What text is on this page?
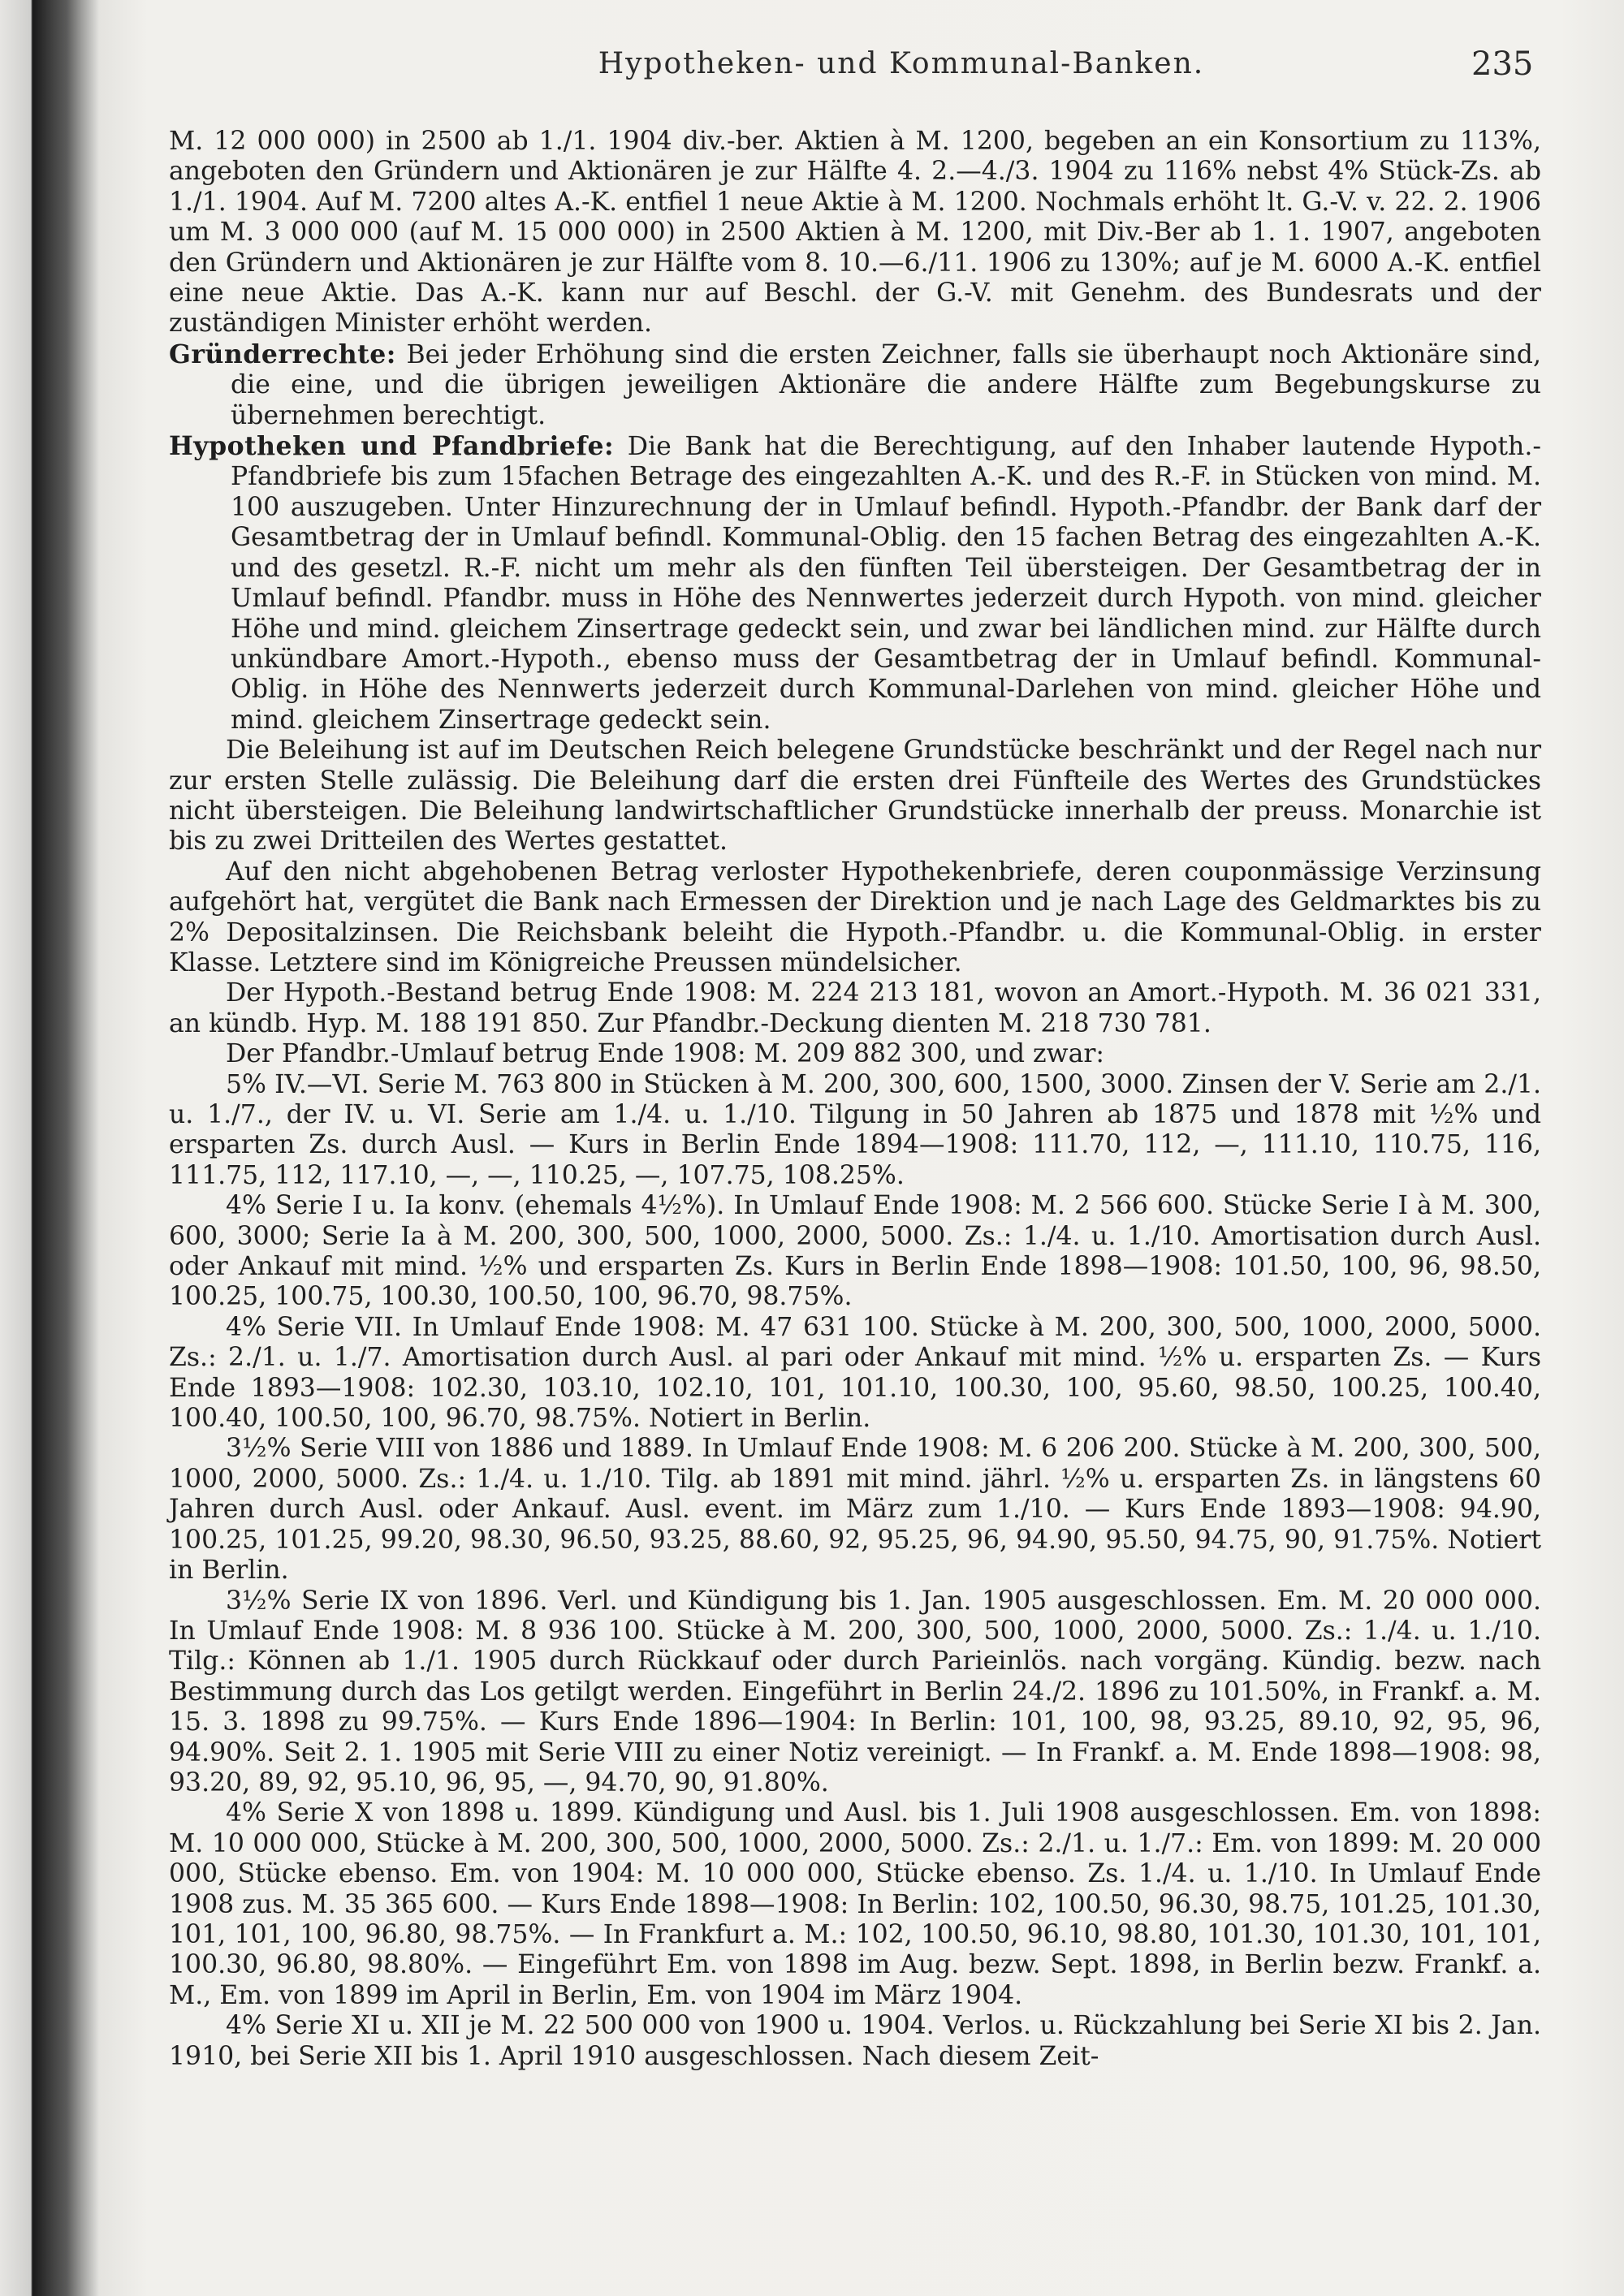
Hypotheken- und Kommunal-Banken.	235

M. 12 000 000) in 2500 ab 1./1. 1904 div.-ber. Aktien à M. 1200, begeben an ein Konsortium zu 113%, angeboten den Gründern und Aktionären je zur Hälfte 4. 2.—4./3. 1904 zu 116% nebst 4% Stück-Zs. ab 1./1. 1904. Auf M. 7200 altes A.-K. entfiel 1 neue Aktie à M. 1200. Nochmals erhöht lt. G.-V. v. 22. 2. 1906 um M. 3 000 000 (auf M. 15 000 000) in 2500 Aktien à M. 1200, mit Div.-Ber ab 1. 1. 1907, angeboten den Gründern und Aktionären je zur Hälfte vom 8. 10.—6./11. 1906 zu 130%; auf je M. 6000 A.-K. entfiel eine neue Aktie. Das A.-K. kann nur auf Beschl. der G.-V. mit Genehm. des Bundesrats und der zuständigen Minister erhöht werden.

Gründerrechte: Bei jeder Erhöhung sind die ersten Zeichner, falls sie überhaupt noch Aktionäre sind, die eine, und die übrigen jeweiligen Aktionäre die andere Hälfte zum Begebungskurse zu übernehmen berechtigt.

Hypotheken und Pfandbriefe: Die Bank hat die Berechtigung, auf den Inhaber lautende Hypoth.-Pfandbriefe bis zum 15fachen Betrage des eingezahlten A.-K. und des R.-F. in Stücken von mind. M. 100 auszugeben. Unter Hinzurechnung der in Umlauf befindl. Hypoth.-Pfandbr. der Bank darf der Gesamtbetrag der in Umlauf befindl. Kommunal-Oblig. den 15 fachen Betrag des eingezahlten A.-K. und des gesetzl. R.-F. nicht um mehr als den fünften Teil übersteigen. Der Gesamtbetrag der in Umlauf befindl. Pfandbr. muss in Höhe des Nennwertes jederzeit durch Hypoth. von mind. gleicher Höhe und mind. gleichem Zinsertrage gedeckt sein, und zwar bei ländlichen mind. zur Hälfte durch unkündbare Amort.-Hypoth., ebenso muss der Gesamtbetrag der in Umlauf befindl. Kommunal-Oblig. in Höhe des Nennwerts jederzeit durch Kommunal-Darlehen von mind. gleicher Höhe und mind. gleichem Zinsertrage gedeckt sein.

Die Beleihung ist auf im Deutschen Reich belegene Grundstücke beschränkt und der Regel nach nur zur ersten Stelle zulässig. Die Beleihung darf die ersten drei Fünfteile des Wertes des Grundstückes nicht übersteigen. Die Beleihung landwirtschaftlicher Grundstücke innerhalb der preuss. Monarchie ist bis zu zwei Dritteilen des Wertes gestattet.

Auf den nicht abgehobenen Betrag verloster Hypothekenbriefe, deren couponmässige Verzinsung aufgehört hat, vergütet die Bank nach Ermessen der Direktion und je nach Lage des Geldmarktes bis zu 2% Depositalzinsen. Die Reichsbank beleiht die Hypoth.-Pfandbr. u. die Kommunal-Oblig. in erster Klasse. Letztere sind im Königreiche Preussen mündelsicher.

Der Hypoth.-Bestand betrug Ende 1908: M. 224 213 181, wovon an Amort.-Hypoth. M. 36 021 331, an kündb. Hyp. M. 188 191 850. Zur Pfandbr.-Deckung dienten M. 218 730 781.

Der Pfandbr.-Umlauf betrug Ende 1908: M. 209 882 300, und zwar:

5% IV.—VI. Serie M. 763 800 in Stücken à M. 200, 300, 600, 1500, 3000. Zinsen der V. Serie am 2./1. u. 1./7., der IV. u. VI. Serie am 1./4. u. 1./10. Tilgung in 50 Jahren ab 1875 und 1878 mit ½% und ersparten Zs. durch Ausl. — Kurs in Berlin Ende 1894—1908: 111.70, 112, —, 111.10, 110.75, 116, 111.75, 112, 117.10, —, —, 110.25, —, 107.75, 108.25%.

4% Serie I u. Ia konv. (ehemals 4½%). In Umlauf Ende 1908: M. 2 566 600. Stücke Serie I à M. 300, 600, 3000; Serie Ia à M. 200, 300, 500, 1000, 2000, 5000. Zs.: 1./4. u. 1./10. Amortisation durch Ausl. oder Ankauf mit mind. ½% und ersparten Zs. Kurs in Berlin Ende 1898—1908: 101.50, 100, 96, 98.50, 100.25, 100.75, 100.30, 100.50, 100, 96.70, 98.75%.

4% Serie VII. In Umlauf Ende 1908: M. 47 631 100. Stücke à M. 200, 300, 500, 1000, 2000, 5000. Zs.: 2./1. u. 1./7. Amortisation durch Ausl. al pari oder Ankauf mit mind. ½% u. ersparten Zs. — Kurs Ende 1893—1908: 102.30, 103.10, 102.10, 101, 101.10, 100.30, 100, 95.60, 98.50, 100.25, 100.40, 100.40, 100.50, 100, 96.70, 98.75%. Notiert in Berlin.

3½% Serie VIII von 1886 und 1889. In Umlauf Ende 1908: M. 6 206 200. Stücke à M. 200, 300, 500, 1000, 2000, 5000. Zs.: 1./4. u. 1./10. Tilg. ab 1891 mit mind. jährl. ½% u. ersparten Zs. in längstens 60 Jahren durch Ausl. oder Ankauf. Ausl. event. im März zum 1./10. — Kurs Ende 1893—1908: 94.90, 100.25, 101.25, 99.20, 98.30, 96.50, 93.25, 88.60, 92, 95.25, 96, 94.90, 95.50, 94.75, 90, 91.75%. Notiert in Berlin.

3½% Serie IX von 1896. Verl. und Kündigung bis 1. Jan. 1905 ausgeschlossen. Em. M. 20 000 000. In Umlauf Ende 1908: M. 8 936 100. Stücke à M. 200, 300, 500, 1000, 2000, 5000. Zs.: 1./4. u. 1./10. Tilg.: Können ab 1./1. 1905 durch Rückkauf oder durch Pariеinlös. nach vorgäng. Kündig. bezw. nach Bestimmung durch das Los getilgt werden. Eingeführt in Berlin 24./2. 1896 zu 101.50%, in Frankf. a. M. 15. 3. 1898 zu 99.75%. — Kurs Ende 1896—1904: In Berlin: 101, 100, 98, 93.25, 89.10, 92, 95, 96, 94.90%. Seit 2. 1. 1905 mit Serie VIII zu einer Notiz vereinigt. — In Frankf. a. M. Ende 1898—1908: 98, 93.20, 89, 92, 95.10, 96, 95, —, 94.70, 90, 91.80%.

4% Serie X von 1898 u. 1899. Kündigung und Ausl. bis 1. Juli 1908 ausgeschlossen. Em. von 1898: M. 10 000 000, Stücke à M. 200, 300, 500, 1000, 2000, 5000. Zs.: 2./1. u. 1./7.: Em. von 1899: M. 20 000 000, Stücke ebenso. Em. von 1904: M. 10 000 000, Stücke ebenso. Zs. 1./4. u. 1./10. In Umlauf Ende 1908 zus. M. 35 365 600. — Kurs Ende 1898—1908: In Berlin: 102, 100.50, 96.30, 98.75, 101.25, 101.30, 101, 101, 100, 96.80, 98.75%. — In Frankfurt a. M.: 102, 100.50, 96.10, 98.80, 101.30, 101.30, 101, 101, 100.30, 96.80, 98.80%. — Eingeführt Em. von 1898 im Aug. bezw. Sept. 1898, in Berlin bezw. Frankf. a. M., Em. von 1899 im April in Berlin, Em. von 1904 im März 1904.

4% Serie XI u. XII je M. 22 500 000 von 1900 u. 1904. Verlos. u. Rückzahlung bei Serie XI bis 2. Jan. 1910, bei Serie XII bis 1. April 1910 ausgeschlossen. Nach diesem Zeit-
